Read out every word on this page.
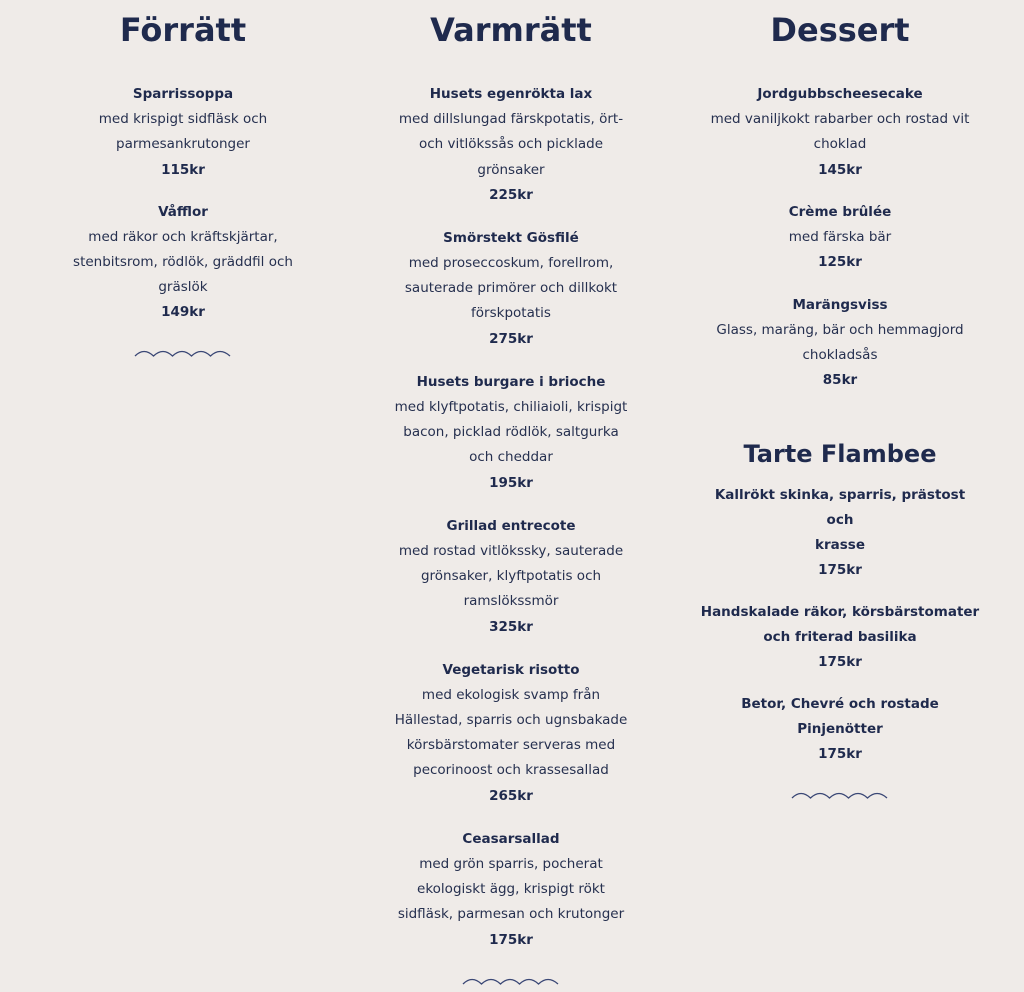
Förrätt
Sparrissoppa
med krispigt sidfläsk och
parmesankrutonger
115kr
Våfflor
med räkor och kräftskjärtar,
stenbitsrom, rödlök, gräddfil och
gräslök
149kr
Varmrätt
Husets egenrökta lax
med dillslungad färskpotatis, ört-
och vitlökssås och picklade
grönsaker
225kr
Smörstekt Gösfilé
med proseccoskum, forellrom,
sauterade primörer och dillkokt
förskpotatis
275kr
Husets burgare i brioche
med klyftpotatis, chiliaioli, krispigt
bacon, picklad rödlök, saltgurka
och cheddar
195kr
Grillad entrecote
med rostad vitlökssky, sauterade
grönsaker, klyftpotatis och
ramslökssmör
325kr
Vegetarisk risotto
med ekologisk svamp från
Hällestad, sparris och ugnsbakade
körsbärstomater serveras med
pecorinoost och krassesallad
265kr
Ceasarsallad
med grön sparris, pocherat
ekologiskt ägg, krispigt rökt
sidfläsk, parmesan och krutonger
175kr
Dessert
Jordgubbscheesecake
med vaniljkokt rabarber och rostad vit
choklad
145kr
Crème brûlée
med färska bär
125kr
Marängsviss
Glass, maräng, bär och hemmagjord
chokladsås
85kr
Tarte Flambee
Kallrökt skinka, sparris, prästost och
krasse
175kr
Handskalade räkor, körsbärstomater
och friterad basilika
175kr
Betor, Chevré och rostade Pinjenötter
175kr
